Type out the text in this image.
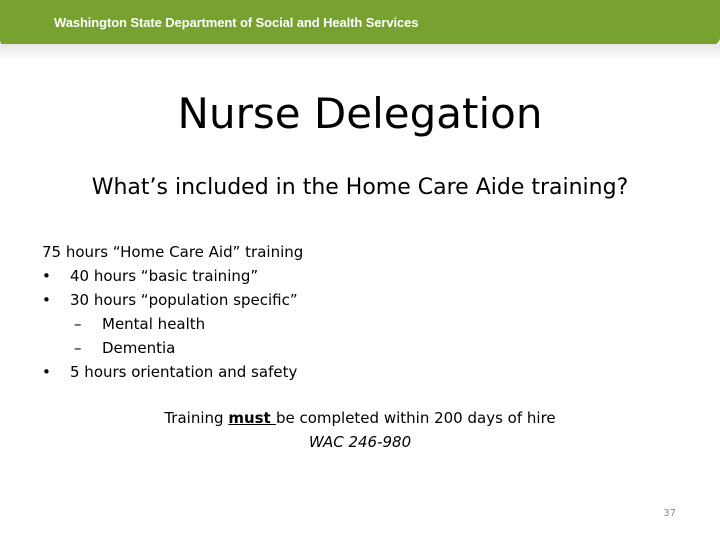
Washington State Department of Social and Health Services
Nurse Delegation
What’s included in the Home Care Aide training?
75 hours “Home Care Aid” training
• 40 hours “basic training”
• 30 hours “population specific”
– Mental health
– Dementia
• 5 hours orientation and safety
Training must be completed within 200 days of hire
WAC 246-980
37
